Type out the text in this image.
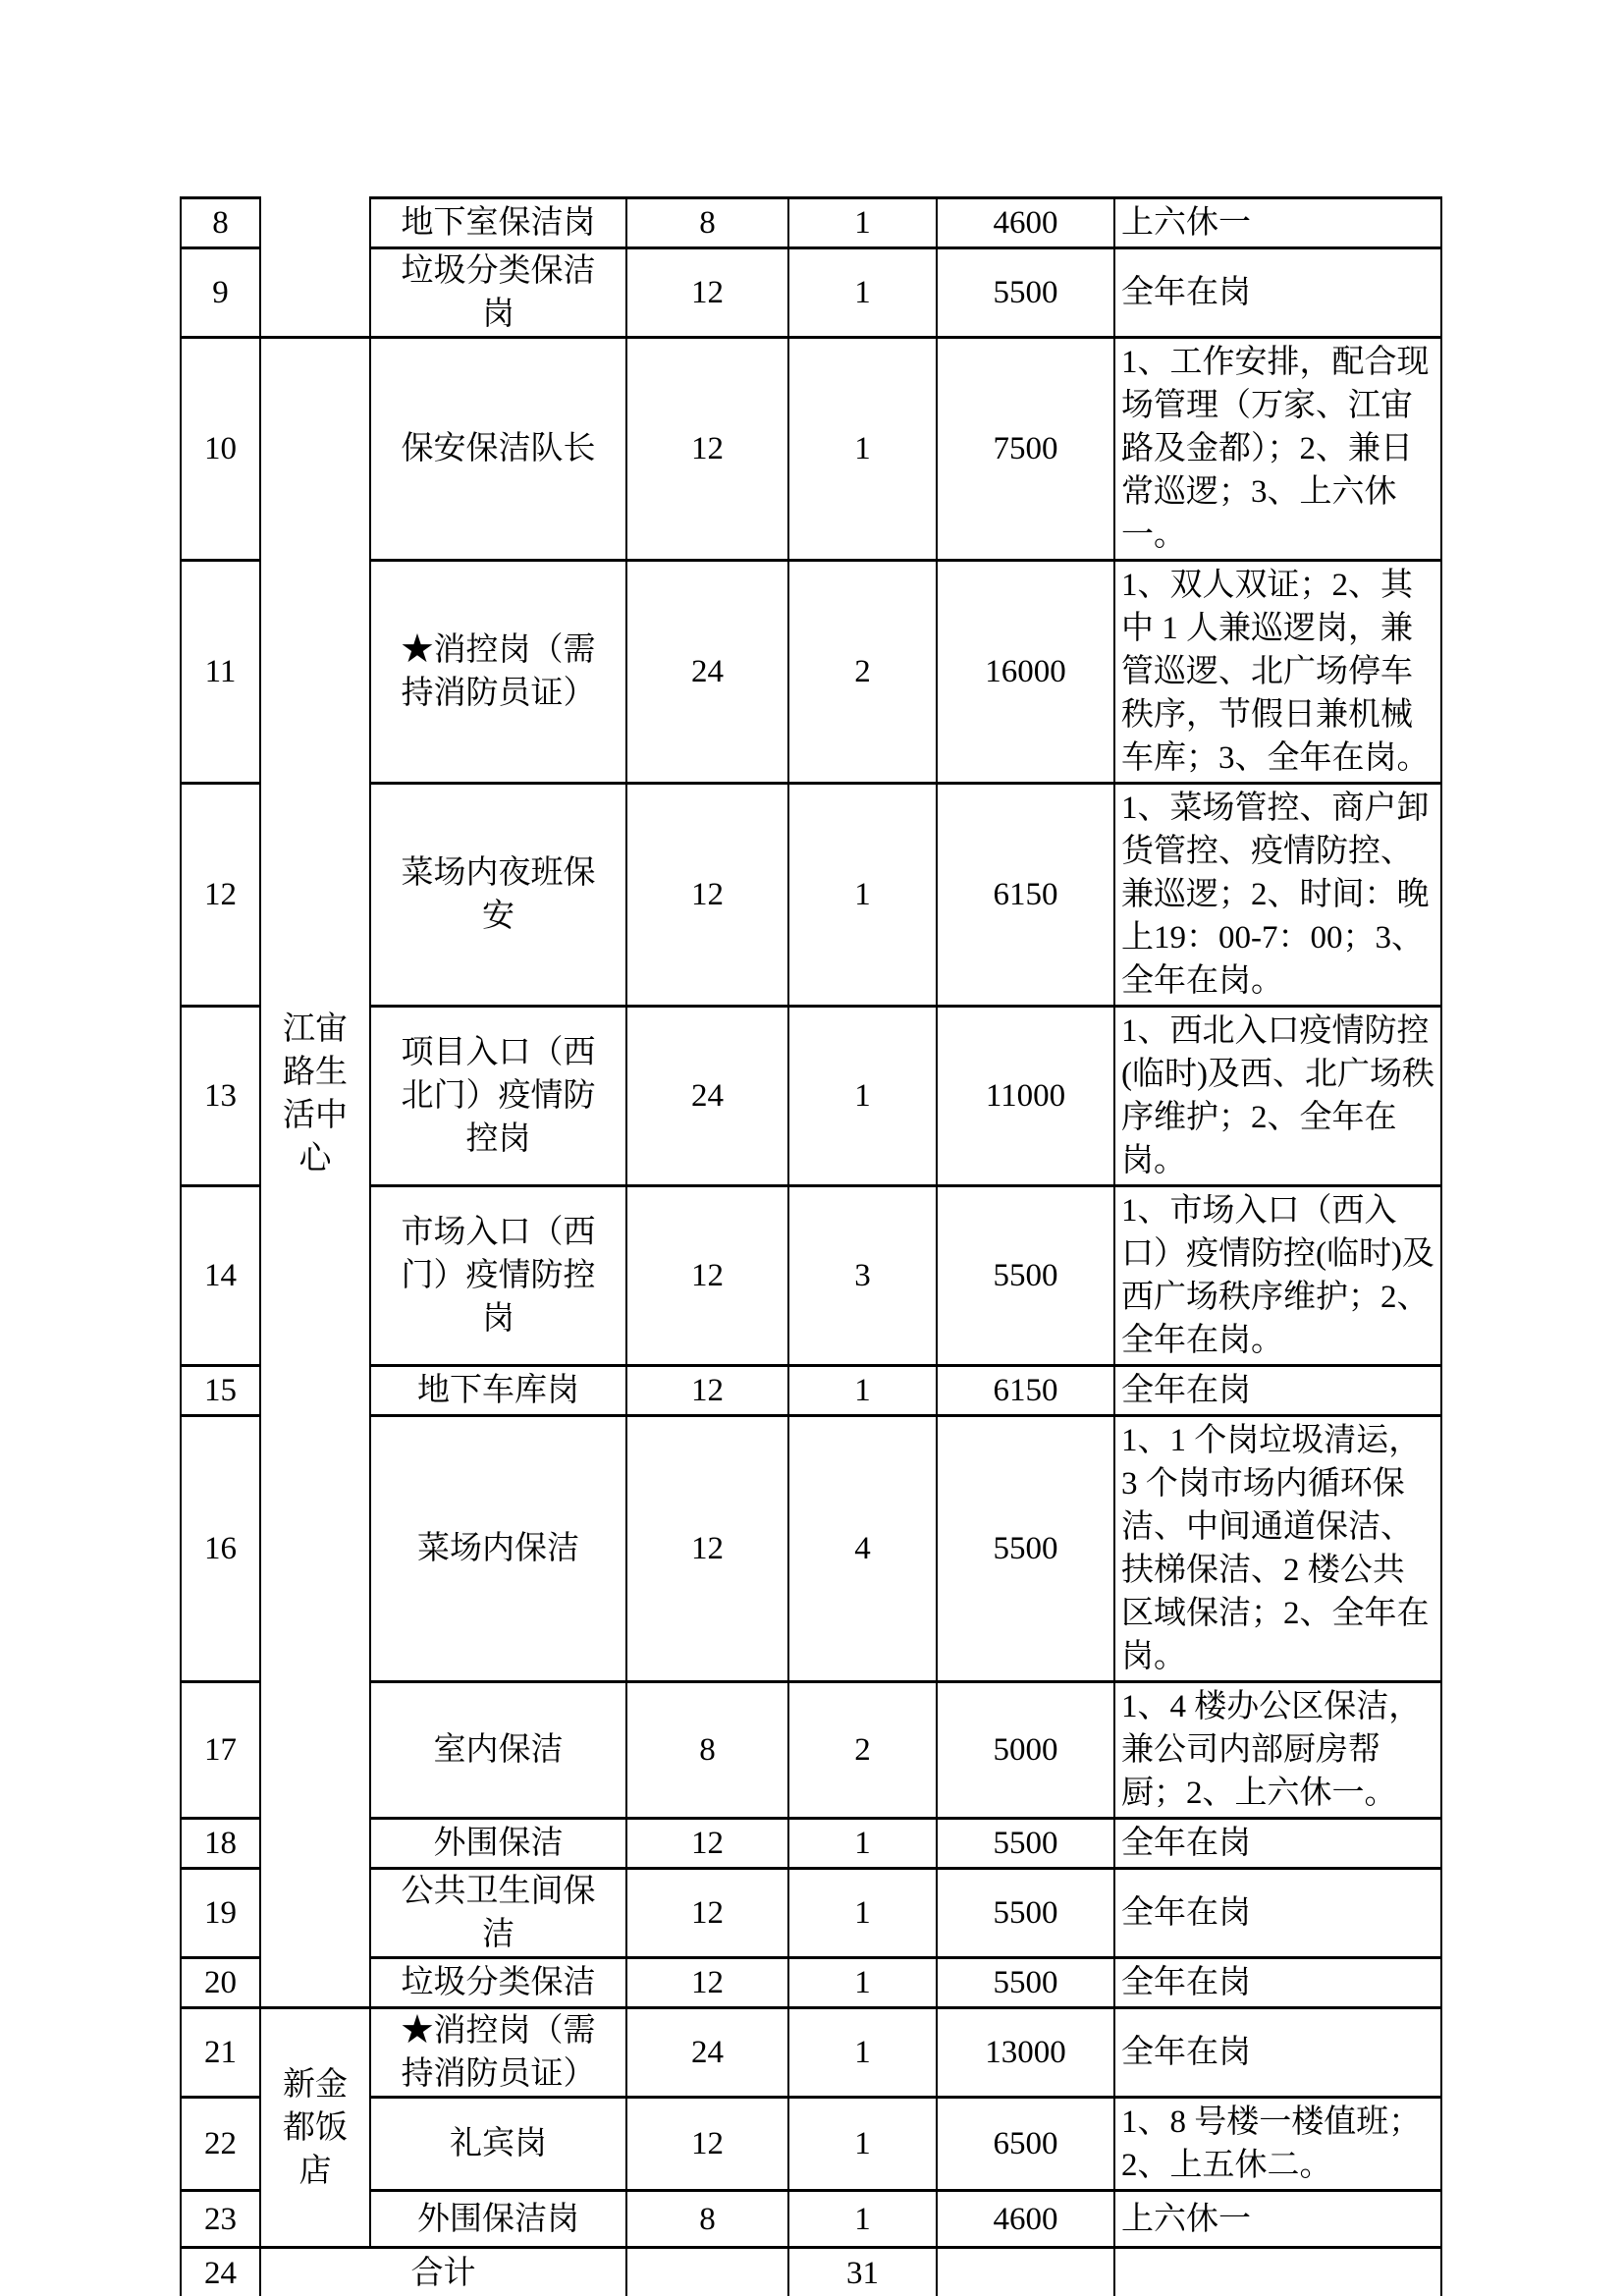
8		地下室保洁岗	8	1	4600	上六休一
9		垃圾分类保洁岗	12	1	5500	全年在岗
10	江宙路生活中心	保安保洁队长	12	1	7500	1、工作安排，配合现场管理（万家、江宙路及金都）；2、兼日常巡逻；3、上六休一。
11		★消控岗（需持消防员证）	24	2	16000	1、双人双证；2、其中 1 人兼巡逻岗，兼管巡逻、北广场停车秩序，节假日兼机械车库；3、全年在岗。
12		菜场内夜班保安	12	1	6150	1、菜场管控、商户卸货管控、疫情防控、兼巡逻；2、时间：晚上19：00-7：00；3、全年在岗。
13		项目入口（西北门）疫情防控岗	24	1	11000	1、西北入口疫情防控(临时)及西、北广场秩序维护；2、全年在岗。
14		市场入口（西门）疫情防控岗	12	3	5500	1、市场入口（西入口）疫情防控(临时)及西广场秩序维护；2、全年在岗。
15		地下车库岗	12	1	6150	全年在岗
16		菜场内保洁	12	4	5500	1、1 个岗垃圾清运，3 个岗市场内循环保洁、中间通道保洁、扶梯保洁、2 楼公共区域保洁；2、全年在岗。
17		室内保洁	8	2	5000	1、4 楼办公区保洁，兼公司内部厨房帮厨；2、上六休一。
18		外围保洁	12	1	5500	全年在岗
19		公共卫生间保洁	12	1	5500	全年在岗
20		垃圾分类保洁	12	1	5500	全年在岗
21	新金都饭店	★消控岗（需持消防员证）	24	1	13000	全年在岗
22		礼宾岗	12	1	6500	1、8 号楼一楼值班；2、上五休二。
23		外围保洁岗	8	1	4600	上六休一
24	合计			31		
